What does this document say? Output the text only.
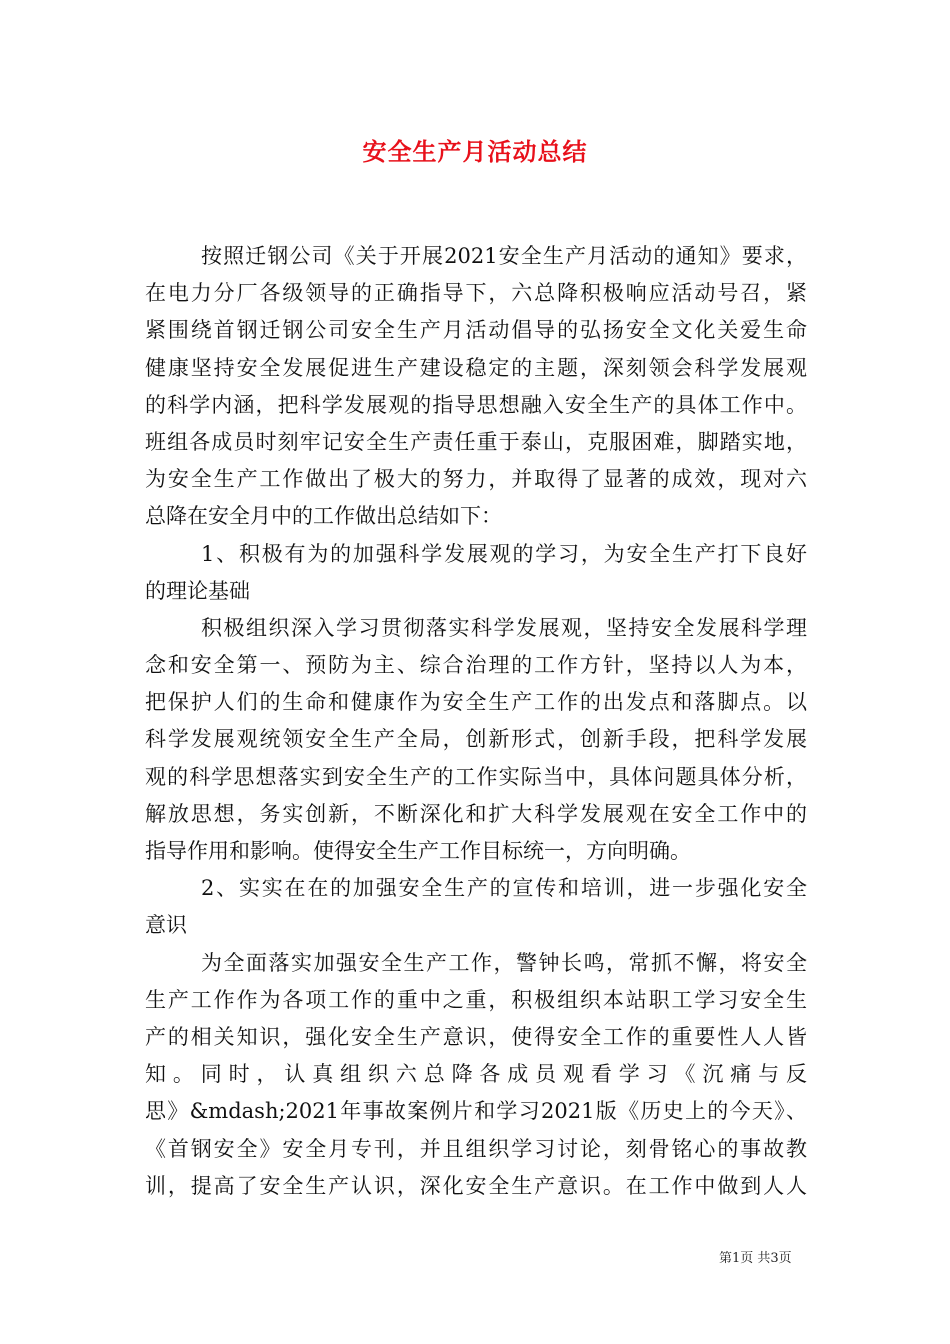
安全生产月活动总结
按照迁钢公司《关于开展2021安全生产月活动的通知》要求，
在电力分厂各级领导的正确指导下，六总降积极响应活动号召，紧
紧围绕首钢迁钢公司安全生产月活动倡导的弘扬安全文化关爱生命
健康坚持安全发展促进生产建设稳定的主题，深刻领会科学发展观
的科学内涵，把科学发展观的指导思想融入安全生产的具体工作中。
班组各成员时刻牢记安全生产责任重于泰山，克服困难，脚踏实地，
为安全生产工作做出了极大的努力，并取得了显著的成效，现对六
总降在安全月中的工作做出总结如下：
1、积极有为的加强科学发展观的学习，为安全生产打下良好
的理论基础
积极组织深入学习贯彻落实科学发展观，坚持安全发展科学理
念和安全第一、预防为主、综合治理的工作方针，坚持以人为本，
把保护人们的生命和健康作为安全生产工作的出发点和落脚点。以
科学发展观统领安全生产全局，创新形式，创新手段，把科学发展
观的科学思想落实到安全生产的工作实际当中，具体问题具体分析，
解放思想，务实创新，不断深化和扩大科学发展观在安全工作中的
指导作用和影响。使得安全生产工作目标统一，方向明确。
2、实实在在的加强安全生产的宣传和培训，进一步强化安全
意识
为全面落实加强安全生产工作，警钟长鸣，常抓不懈，将安全
生产工作作为各项工作的重中之重，积极组织本站职工学习安全生
产的相关知识，强化安全生产意识，使得安全工作的重要性人人皆
知。同时，认真组织六总降各成员观看学习《沉痛与反
思》&mdash;2021年事故案例片和学习2021版《历史上的今天》、
《首钢安全》安全月专刊，并且组织学习讨论，刻骨铭心的事故教
训，提高了安全生产认识，深化安全生产意识。在工作中做到人人
第1页 共3页
